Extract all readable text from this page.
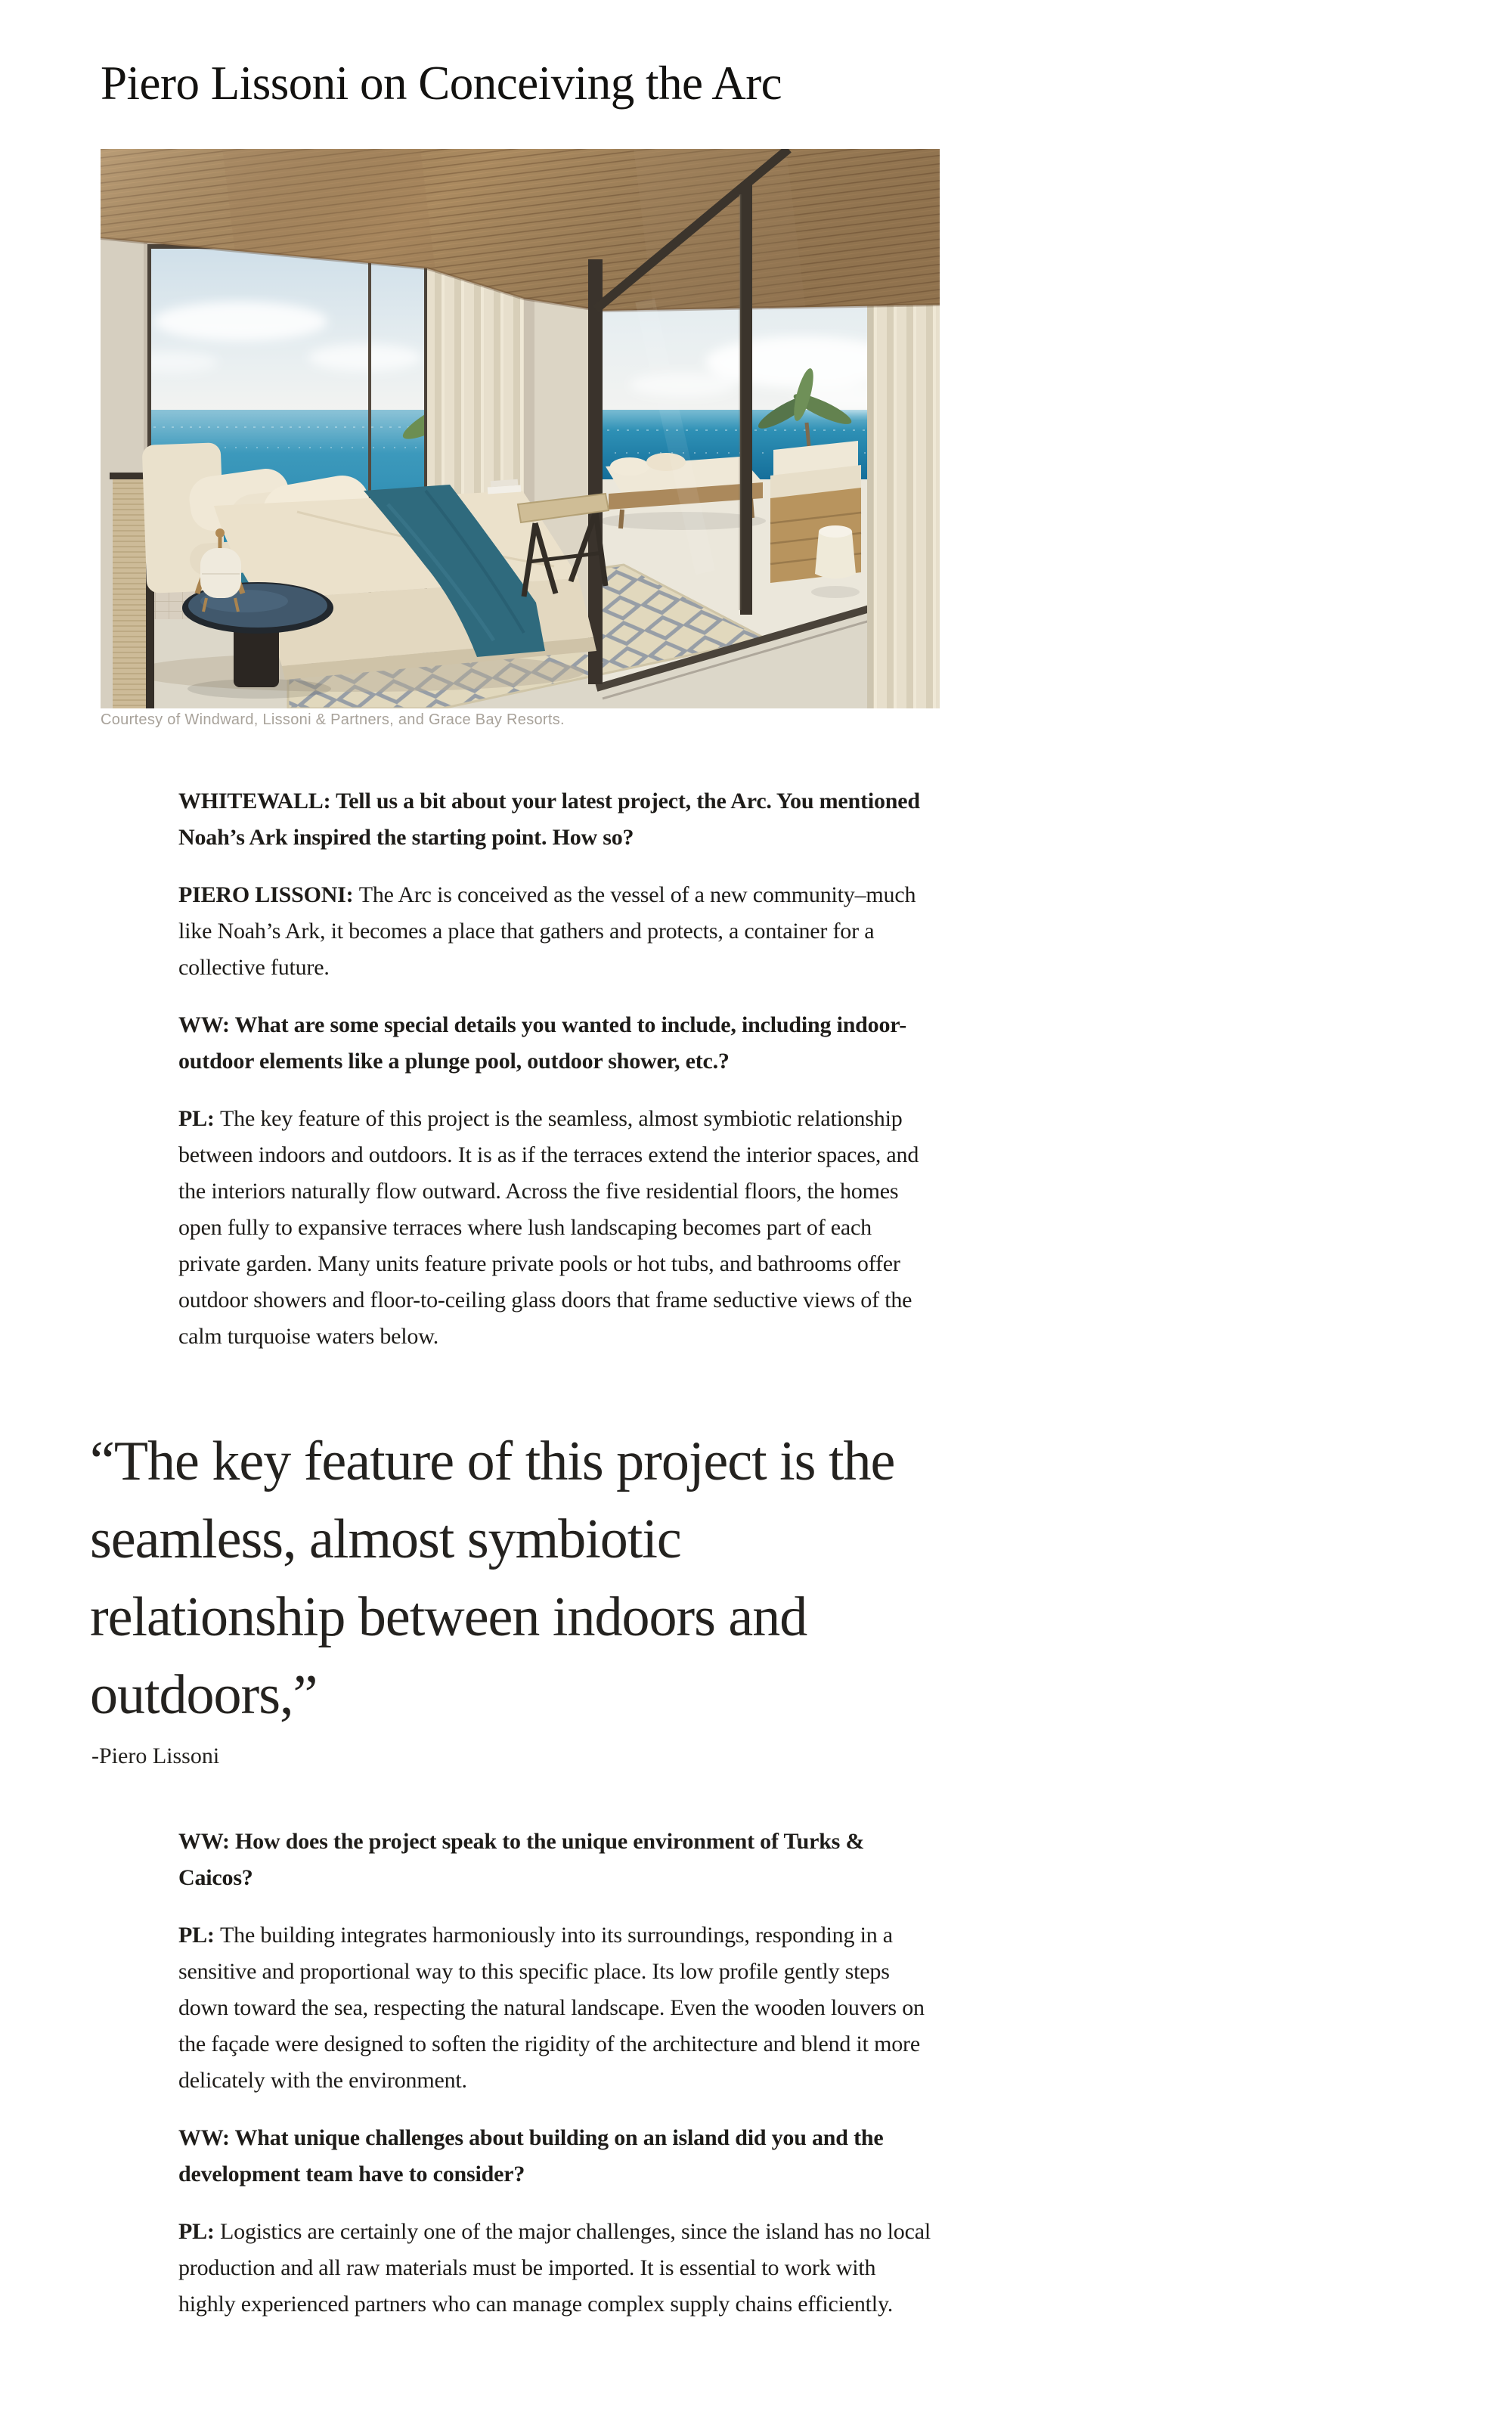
Piero Lissoni on Conceiving the Arc
Courtesy of Windward, Lissoni & Partners, and Grace Bay Resorts.

WHITEWALL: Tell us a bit about your latest project, the Arc. You mentioned Noah’s Ark inspired the starting point. How so?

PIERO LISSONI: The Arc is conceived as the vessel of a new community–much like Noah’s Ark, it becomes a place that gathers and protects, a container for a collective future.

WW: What are some special details you wanted to include, including indoor-outdoor elements like a plunge pool, outdoor shower, etc.?

PL: The key feature of this project is the seamless, almost symbiotic relationship between indoors and outdoors. It is as if the terraces extend the interior spaces, and the interiors naturally flow outward. Across the five residential floors, the homes open fully to expansive terraces where lush landscaping becomes part of each private garden. Many units feature private pools or hot tubs, and bathrooms offer outdoor showers and floor-to-ceiling glass doors that frame seductive views of the calm turquoise waters below.

“The key feature of this project is the
seamless, almost symbiotic
relationship between indoors and
outdoors,”
-Piero Lissoni

WW: How does the project speak to the unique environment of Turks & Caicos?

PL: The building integrates harmoniously into its surroundings, responding in a sensitive and proportional way to this specific place. Its low profile gently steps down toward the sea, respecting the natural landscape. Even the wooden louvers on the façade were designed to soften the rigidity of the architecture and blend it more delicately with the environment.

WW: What unique challenges about building on an island did you and the development team have to consider?

PL: Logistics are certainly one of the major challenges, since the island has no local production and all raw materials must be imported. It is essential to work with highly experienced partners who can manage complex supply chains efficiently.
